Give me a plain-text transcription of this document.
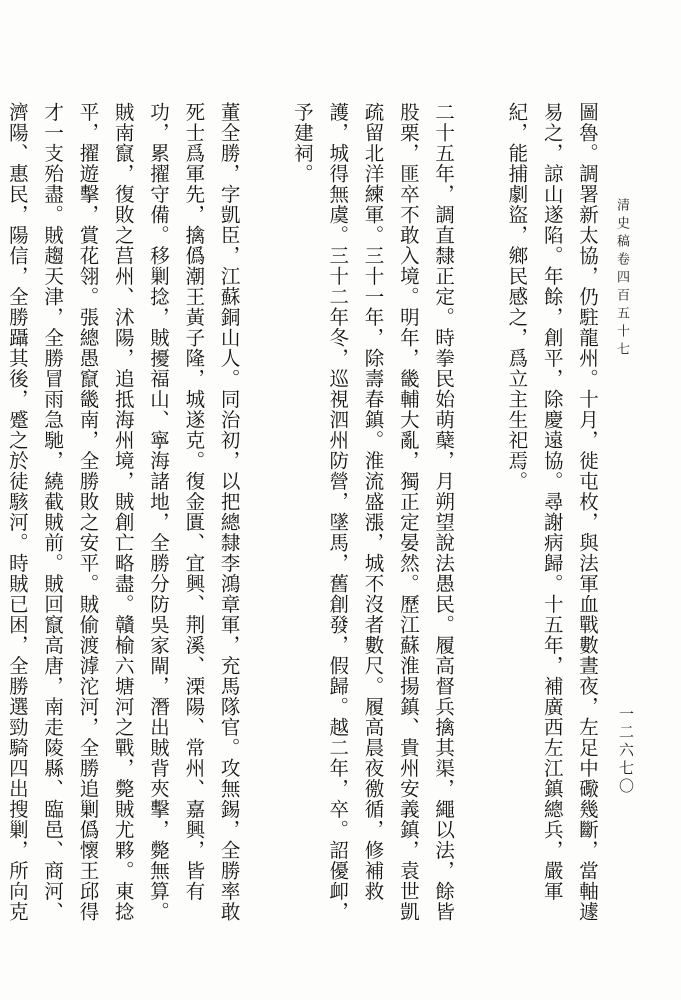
清史稿卷四百五十七
一二六七〇

圖魯。調署新太協，仍駐龍州。十月，徙屯枚，與法軍血戰數晝夜，左足中礮幾斷，當軸遽易之，諒山遂陷。年餘，創平，除慶遠協。尋謝病歸。十五年，補廣西左江鎮總兵，嚴軍紀，能捕劇盜，鄉民感之，爲立主生祀焉。

二十五年，調直隸正定。時拳民始萌蘖，月朔望說法愚民。履高督兵擒其渠，繩以法，餘皆股栗，匪卒不敢入境。明年，畿輔大亂，獨正定晏然。歷江蘇淮揚鎮、貴州安義鎮，袁世凱疏留北洋練軍。三十一年，除壽春鎮。淮流盛漲，城不沒者數尺。履高晨夜徼循，修補救護，城得無虞。三十二年冬，巡視泗州防營，墜馬，舊創發，假歸。越二年，卒。詔優卹，予建祠。

董全勝，字凱臣，江蘇銅山人。同治初，以把總隸李鴻章軍，充馬隊官。攻無錫，全勝率敢死士爲軍先，擒僞潮王黃子隆，城遂克。復金匱、宜興、荆溪、溧陽、常州、嘉興，皆有功，累擢守備。移剿捻，賊擾福山、寧海諸地，全勝分防吳家閘，潛出賊背夾擊，斃無算。賊南竄，復敗之莒州、沭陽，追抵海州境，賊創亡略盡。贛榆六塘河之戰，斃賊尤夥。東捻平，擢遊擊，賞花翎。張總愚竄畿南，全勝敗之安平。賊偷渡滹沱河，全勝追剿僞懷王邱得才一支殆盡。賊趨天津，全勝冒雨急馳，繞截賊前。賊回竄高唐，南走陵縣、臨邑、商河、濟陽、惠民，陽信，全勝躡其後，蹙之於徒駭河。時賊已困，全勝選勁騎四出搜剿，所向克
